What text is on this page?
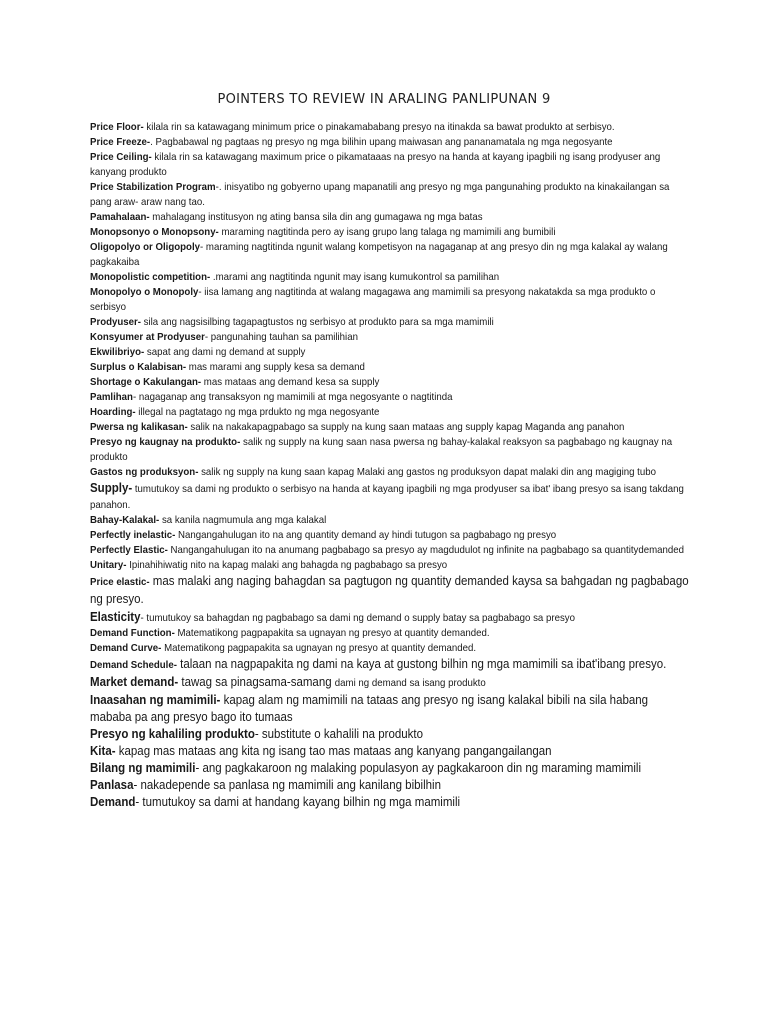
POINTERS TO REVIEW IN ARALING PANLIPUNAN 9

Price Floor- kilala rin sa katawagang minimum price o pinakamababang presyo na itinakda sa bawat produkto at serbisyo.

Price Freeze-. Pagbabawal ng pagtaas ng presyo ng mga bilihin upang maiwasan ang pananamatala ng mga negosyante

Price Ceiling- kilala rin sa katawagang maximum price o pikamataaas na presyo na handa at kayang ipagbili ng isang prodyuser ang kanyang produkto

Price Stabilization Program-. inisyatibo ng gobyerno upang mapanatili ang presyo ng mga pangunahing produkto na kinakailangan sa pang araw- araw nang tao.

Pamahalaan- mahalagang institusyon ng ating bansa sila din ang gumagawa ng mga batas

Monopsonyo o Monopsony- maraming nagtitinda pero ay isang grupo lang talaga ng mamimili ang bumibili

Oligopolyo or Oligopoly- maraming nagtitinda ngunit walang kompetisyon na nagaganap at ang presyo din ng mga kalakal ay walang pagkakaiba

Monopolistic competition- .marami ang nagtitinda ngunit may isang kumukontrol sa pamilihan

Monopolyo o Monopoly- iisa lamang ang nagtitinda at walang magagawa ang mamimili sa presyong nakatakda sa mga produkto o serbisyo

Prodyuser- sila ang nagsisilbing tagapagtustos ng serbisyo at produkto para sa mga mamimili

Konsyumer at Prodyuser- pangunahing tauhan sa pamilihian

Ekwilibriyo- sapat ang dami ng demand at supply

Surplus o Kalabisan- mas marami ang supply kesa sa demand

Shortage o Kakulangan- mas mataas ang demand kesa sa supply

Pamlihan- nagaganap ang transaksyon ng mamimili at mga negosyante o nagtitinda

Hoarding- illegal na pagtatago ng mga prdukto ng mga negosyante

Pwersa ng kalikasan- salik na nakakapagpabago sa supply na kung saan mataas ang supply kapag Maganda ang panahon

Presyo ng kaugnay na produkto- salik ng supply na kung saan nasa pwersa ng bahay-kalakal reaksyon sa pagbabago ng kaugnay na produkto

Gastos ng produksyon- salik ng supply na kung saan kapag Malaki ang gastos ng produksyon dapat malaki din ang magiging tubo

Supply- tumutukoy sa dami ng produkto o serbisyo na handa at kayang ipagbili ng mga prodyuser sa ibat' ibang presyo sa isang takdang panahon.

Bahay-Kalakal- sa kanila nagmumula ang mga kalakal

Perfectly inelastic- Nangangahulugan ito na ang quantity demand ay hindi tutugon sa pagbabago ng presyo

Perfectly Elastic- Nangangahulugan ito na anumang pagbabago sa presyo ay magdudulot ng infinite na pagbabago sa quantitydemanded

Unitary- Ipinahihiwatig nito na kapag malaki ang bahagda ng pagbabago sa presyo

Price elastic- mas malaki ang naging bahagdan sa pagtugon ng quantity demanded kaysa sa bahgadan ng pagbabago ng presyo.

Elasticity- tumutukoy sa bahagdan ng pagbabago sa dami ng demand o supply batay sa pagbabago sa presyo

Demand Function- Matematikong pagpapakita sa ugnayan ng presyo at quantity demanded.

Demand Curve- Matematikong pagpapakita sa ugnayan ng presyo at quantity demanded.

Demand Schedule- talaan na nagpapakita ng dami na kaya at gustong bilhin ng mga mamimili sa ibat'ibang presyo.

Market demand- tawag sa pinagsama-samang dami ng demand sa isang produkto

Inaasahan ng mamimili- kapag alam ng mamimili na tataas ang presyo ng isang kalakal bibili na sila habang mababa pa ang presyo bago ito tumaas

Presyo ng kahaliling produkto- substitute o kahalili na produkto

Kita- kapag mas mataas ang kita ng isang tao mas mataas ang kanyang pangangailangan

Bilang ng mamimili- ang pagkakaroon ng malaking populasyon ay pagkakaroon din ng maraming mamimili

Panlasa- nakadepende sa panlasa ng mamimili ang kanilang bibilhin

Demand- tumutukoy sa dami at handang kayang bilhin ng mga mamimili
